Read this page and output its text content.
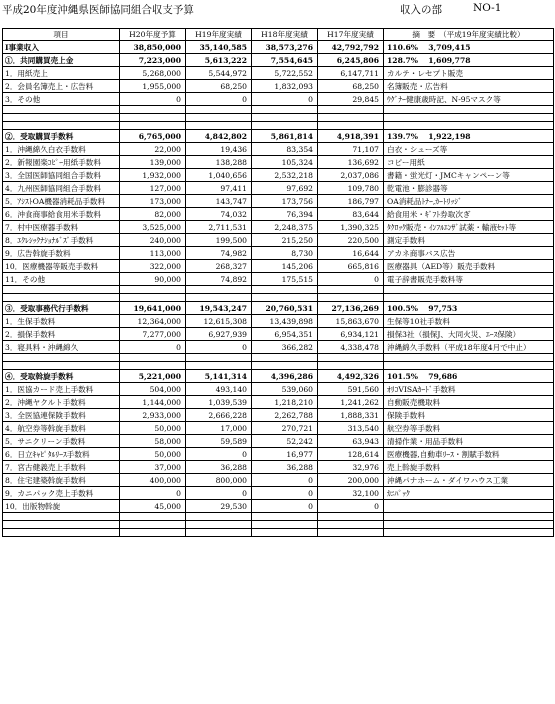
平成20年度沖縄県医師協同組合収支予算	収入の部	NO-1
項目	H20年度予算	H19年度実績	H18年度実績	H17年度実績	摘　要　（平成19年度実績比較）
Ⅰ事業収入	38,850,000	35,140,585	38,573,276	42,792,792	110.6%　 3,709,415
①．共同購買売上金	7,223,000	5,613,222	7,554,645	6,245,806	128.7%　 1,609,778
1．用紙売上	5,268,000	5,544,972	5,722,552	6,147,711	カルテ・レセプト販売
2．会員名簿売上・広告料	1,955,000	68,250	1,832,093	68,250	名簿販売・広告料
3．その他	0	0	0	29,845	ｳｸﾞﾅｰ健康歳時記、N-95マスク等

②．受取購買手数料	6,765,000	4,842,802	5,861,814	4,918,391	139.7%　 1,922,198
1．沖縄綿久白衣手数料	22,000	19,436	83,354	71,107	白衣・シューズ等
2．新報園楽ｺﾋﾟｰ用紙手数料	139,000	138,288	105,324	136,692	コピー用紙
3．全国医師協同組合手数料	1,932,000	1,040,656	2,532,218	2,037,086	書籍・蛍光灯・JMCキャンペーン等
4．九州医師協同組合手数料	127,000	97,411	97,692	109,780	乾電池・膨診器等
5．ｱｼｽﾄOA機器消耗品手数料	173,000	143,747	173,756	186,797	OA消耗品ﾄﾅｰ,ｶｰﾄﾘｯｼﾞ
6．沖食商事給食用米手数料	82,000	74,032	76,394	83,644	給食用米・ｷﾞﾌﾄ券取次ぎ
7．村中医療器手数料	3,525,000	2,711,531	2,248,375	1,390,325	ﾀｸﾛｯｸ販売・ｲﾝﾌﾙｴﾝｻﾞ試薬・輸液ｾｯﾄ等
8．ｴｸﾚｼｯｸﾅｼｮﾅﾙﾞｽﾞ手数料	240,000	199,500	215,250	220,500	測定手数料
9．広告斡旋手数料	113,000	74,982	8,730	16,644	アカネ商事バス広告
10．医療機器等販売手数料	322,000	268,327	145,206	665,816	医療器具（AED等）販売手数料
11．その他	90,000	74,892	175,515	0	電子辞書販売手数料等

③．受取事務代行手数料	19,641,000	19,543,247	20,760,531	27,136,269	100.5%　 97,753
1．生保手数料	12,364,000	12,615,308	13,439,898	15,863,670	生保等10社手数料
2．損保手数料	7,277,000	6,927,939	6,954,351	6,934,121	損保3社（損保J、大同火災、ｴｰｽ保険）
3．寝具料・沖縄綿久	0	0	366,282	4,338,478	沖縄綿久手数料（平成18年度4月で中止）

④．受取斡旋手数料	5,221,000	5,141,314	4,396,286	4,492,326	101.5%　 79,686
1．医協カード売上手数料	504,000	493,140	539,060	591,560	ｵﾘｺVISAｶｰﾄﾞ手数料
2．沖縄ヤクルト手数料	1,144,000	1,039,539	1,218,210	1,241,262	自動販売機取料
3．全医協連保険手数料	2,933,000	2,666,228	2,262,788	1,888,331	保険手数料
4．航空券等斡旋手数料	50,000	17,000	270,721	313,540	航空券等手数料
5．サニクリーン手数料	58,000	59,589	52,242	63,943	清掃作業・用品手数料
6．日立ｷｬﾋﾟﾀﾙﾘｰｽ手数料	50,000	0	16,977	128,614	医療機器,自動車ﾘｰｽ・割賦手数料
7．宮古健義売上手数料	37,000	36,288	36,288	32,976	売上斡旋手数料
8．住宅建築斡旋手数料	400,000	800,000	0	200,000	沖縄パナホーム・ダイワハウス工業
9．カニパック売上手数料	0	0	0	32,100	ｶﾆﾊﾟｯｸ
10．出版物斡旋	45,000	29,530	0	0	
